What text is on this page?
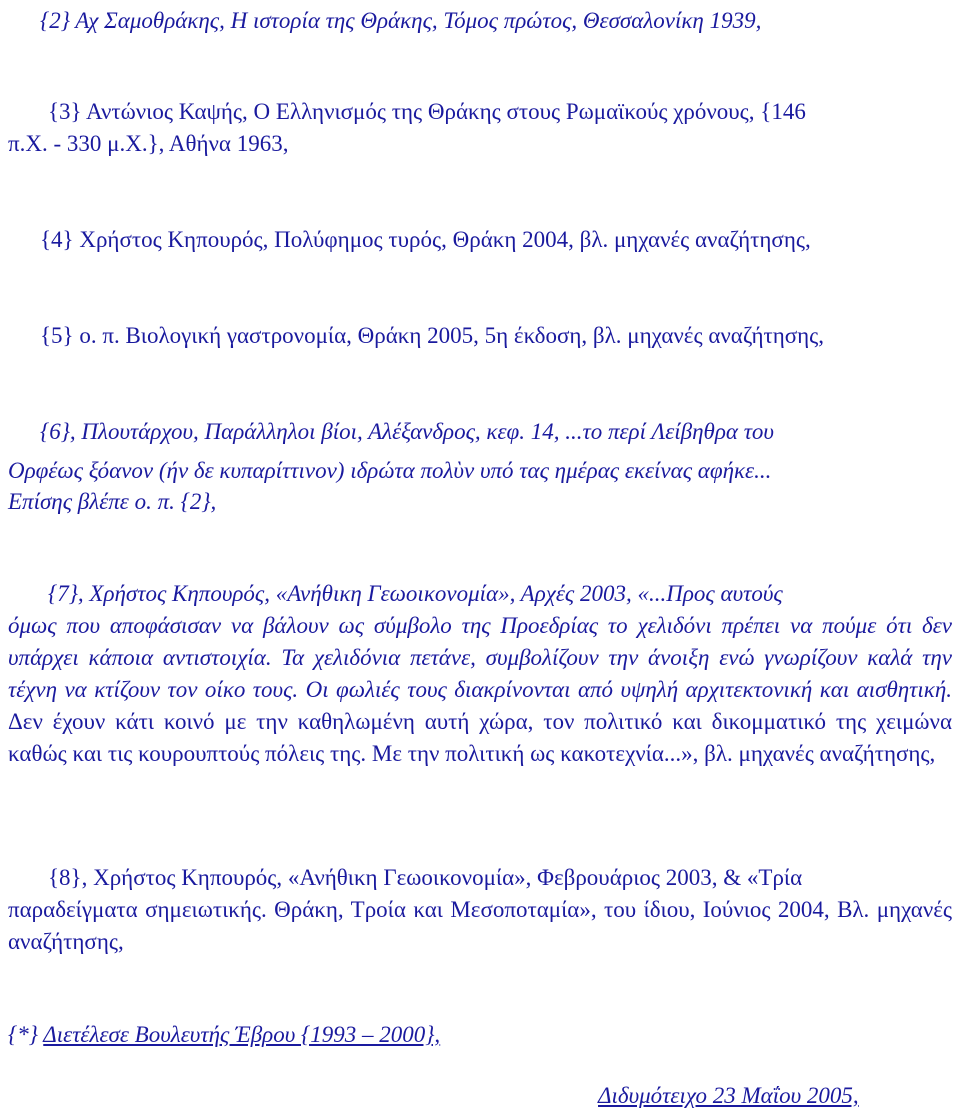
{2} Αχ Σαμοθράκης, Η ιστορία της Θράκης, Τόμος πρώτος, Θεσσαλονίκη 1939,
{3} Αντώνιος Καψής, Ο Ελληνισμός της Θράκης στους Ρωμαϊκούς χρόνους, {146
π.Χ. - 330 μ.Χ.}, Αθήνα 1963,
{4} Χρήστος Κηπουρός, Πολύφημος τυρός, Θράκη 2004, βλ. μηχανές αναζήτησης,
{5} ο. π. Βιολογική γαστρονομία, Θράκη 2005, 5η έκδοση, βλ. μηχανές αναζήτησης,
{6}, Πλουτάρχου, Παράλληλοι βίοι, Αλέξανδρος, κεφ. 14, ...το περί Λείβηθρα του
Ορφέως ξόανον (ήν δε κυπαρίττινον) ιδρώτα πολὺν υπό τας ημέρας εκείνας αφήκε...
Επίσης βλέπε ο. π. {2},
{7}, Χρήστος Κηπουρός, «Ανήθικη Γεωοικονομία», Αρχές 2003, «...Προς αυτούς
όμως που αποφάσισαν να βάλουν ως σύμβολο της Προεδρίας το χελιδόνι πρέπει να πούμε ότι δεν υπάρχει κάποια αντιστοιχία. Τα χελιδόνια πετάνε, συμβολίζουν την άνοιξη ενώ γνωρίζουν καλά την τέχνη να κτίζουν τον οίκο τους. Οι φωλιές τους διακρίνονται από υψηλή αρχιτεκτονική και αισθητική. Δεν έχουν κάτι κοινό με την καθηλωμένη αυτή χώρα, τον πολιτικό και δικομματικό της χειμώνα καθώς και τις κουρουπτούς πόλεις της. Με την πολιτική ως κακοτεχνία...», βλ. μηχανές αναζήτησης,
{8}, Χρήστος Κηπουρός, «Ανήθικη Γεωοικονομία», Φεβρουάριος 2003, & «Τρία
παραδείγματα σημειωτικής. Θράκη, Τροία και Μεσοποταμία», του ίδιου, Ιούνιος 2004, Βλ. μηχανές αναζήτησης,
{*} Διετέλεσε Βουλευτής Έβρου {1993 – 2000},
Διδυμότειχο 23 Μαΐου 2005,
